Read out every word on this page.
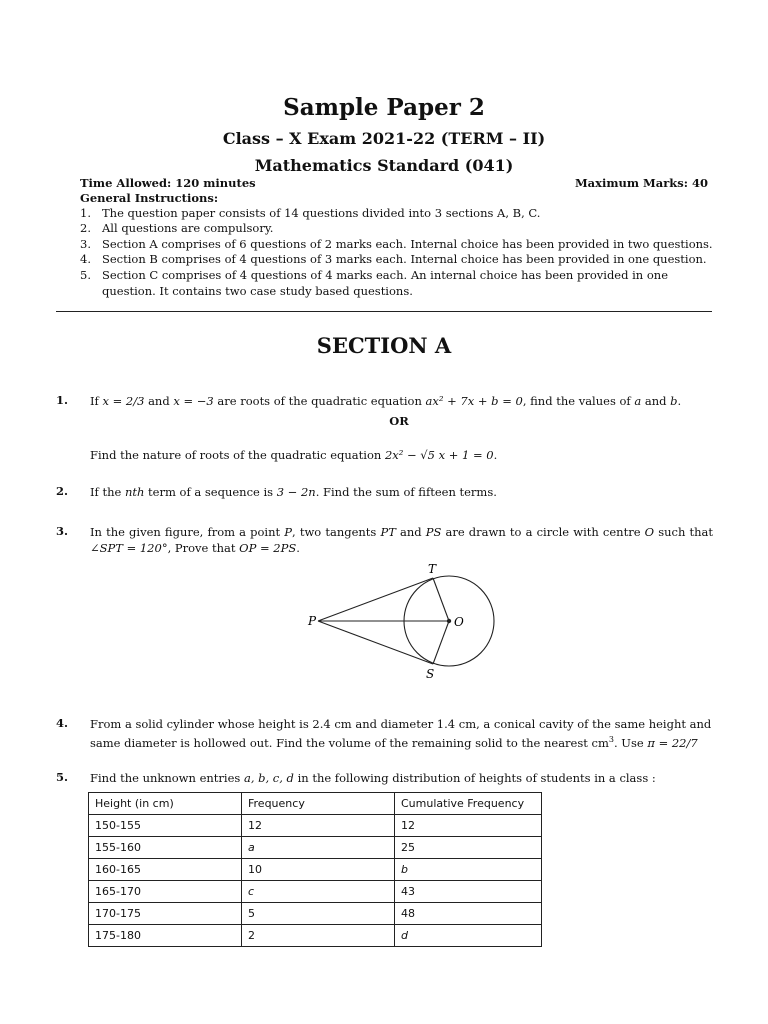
Sample Paper 2
Class – X Exam 2021-22 (TERM – II)
Mathematics Standard (041)
Time Allowed: 120 minutes	Maximum Marks: 40
General Instructions:
1. The question paper consists of 14 questions divided into 3 sections A, B, C.
2. All questions are compulsory.
3. Section A comprises of 6 questions of 2 marks each. Internal choice has been provided in two questions.
4. Section B comprises of 4 questions of 3 marks each. Internal choice has been provided in one question.
5. Section C comprises of 4 questions of 4 marks each. An internal choice has been provided in one question. It contains two case study based questions.
SECTION A
1. If x = 2/3 and x = −3 are roots of the quadratic equation ax² + 7x + b = 0, find the values of a and b.
OR
Find the nature of roots of the quadratic equation 2x² − √5 x + 1 = 0.
2. If the nth term of a sequence is 3 − 2n. Find the sum of fifteen terms.
3. In the given figure, from a point P, two tangents PT and PS are drawn to a circle with centre O such that ∠SPT = 120°, Prove that OP = 2PS.
T
P	O
S
4. From a solid cylinder whose height is 2.4 cm and diameter 1.4 cm, a conical cavity of the same height and same diameter is hollowed out. Find the volume of the remaining solid to the nearest $cm^3$. Use π = 22/7
5. Find the unknown entries a, b, c, d in the following distribution of heights of students in a class :
Height (in cm)	Frequency	Cumulative Frequency
150-155	12	12
155-160	a	25
160-165	10	b
165-170	c	43
170-175	5	48
175-180	2	d
